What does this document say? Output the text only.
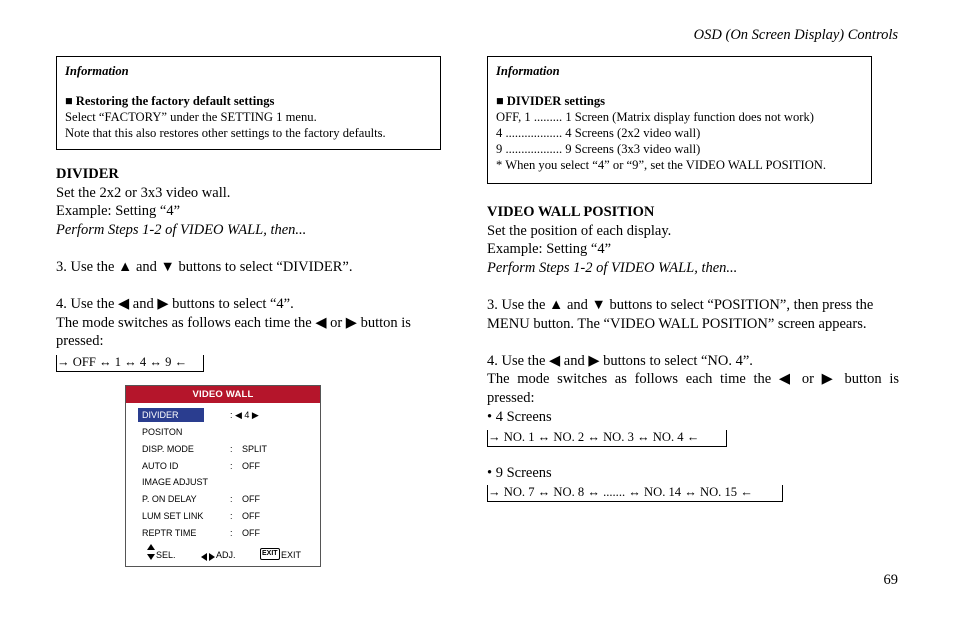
OSD (On Screen Display) Controls
Information
■ Restoring the factory default settings
Select “FACTORY” under the SETTING 1 menu.
Note that this also restores other settings to the factory defaults.
Information
■ DIVIDER settings
OFF, 1 ......... 1 Screen (Matrix display function does not work)
4 .................. 4 Screens (2x2 video wall)
9 .................. 9 Screens (3x3 video wall)
* When you select “4” or “9”, set the VIDEO WALL POSITION.
DIVIDER
Set the 2x2 or 3x3 video wall.
Example: Setting “4”
Perform Steps 1-2 of VIDEO WALL, then...
3. Use the ▲ and ▼ buttons to select “DIVIDER”.
4. Use the ◀ and ▶ buttons to select “4”.
The mode switches as follows each time the ◀ or ▶ button is
pressed:
→ OFF ↔ 1 ↔ 4 ↔ 9 ←
VIDEO WALL
DIVIDER	: ◀ 4 ▶
POSITON
DISP. MODE	: SPLIT
AUTO ID	: OFF
IMAGE ADJUST
P. ON DELAY	: OFF
LUM SET LINK	: OFF
REPTR TIME	: OFF
SEL.	ADJ.	EXIT EXIT
VIDEO WALL POSITION
Set the position of each display.
Example: Setting “4”
Perform Steps 1-2 of VIDEO WALL, then...
3. Use the ▲ and ▼ buttons to select “POSITION”, then press the
MENU button. The “VIDEO WALL POSITION” screen appears.
4. Use the ◀ and ▶ buttons to select “NO. 4”.
The mode switches as follows each time the ◀ or ▶ button is
pressed:
• 4 Screens
→ NO. 1 ↔ NO. 2 ↔ NO. 3 ↔ NO. 4 ←
• 9 Screens
→ NO. 7 ↔ NO. 8 ↔ ....... ↔ NO. 14 ↔ NO. 15 ←
69
